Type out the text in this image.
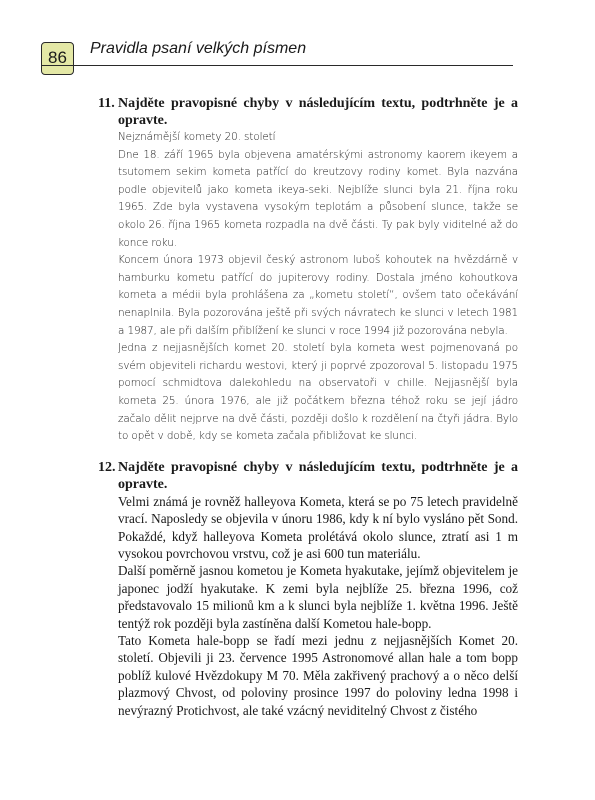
86	Pravidla psaní velkých písmen
11. Najděte pravopisné chyby v následujícím textu, podtrhněte je a opravte.

Nejznámější komety 20. století

Dne 18. září 1965 byla objevena amatérskými astronomy kaorem ikeyem a tsutomem sekim kometa patřící do kreutzovy rodiny komet. Byla nazvána podle objevitelů jako kometa ikeya-seki. Nejblíže slunci byla 21. října roku 1965. Zde byla vystavena vysokým teplotám a působení slunce, takže se okolo 26. října 1965 kometa rozpadla na dvě části. Ty pak byly viditelné až do konce roku.

Koncem února 1973 objevil český astronom luboš kohoutek na hvězdárně v hamburku kometu patřící do jupiterovy rodiny. Dostala jméno kohoutkova kometa a médii byla prohlášena za „kometu století“, ovšem tato očekávání nenaplnila. Byla pozorována ještě při svých návratech ke slunci v letech 1981 a 1987, ale při dalším přiblížení ke slunci v roce 1994 již pozorována nebyla.

Jedna z nejjasnějších komet 20. století byla kometa west pojmenovaná po svém objeviteli richardu westovi, který ji poprvé zpozoroval 5. listopadu 1975 pomocí schmidtova dalekohledu na observatoři v chille. Nejjasnější byla kometa 25. února 1976, ale již počátkem března téhož roku se její jádro začalo dělit nejprve na dvě části, později došlo k rozdělení na čtyři jádra. Bylo to opět v době, kdy se kometa začala přibližovat ke slunci.

12. Najděte pravopisné chyby v následujícím textu, podtrhněte je a opravte.

Velmi známá je rovněž halleyova Kometa, která se po 75 letech pravidelně vrací. Naposledy se objevila v únoru 1986, kdy k ní bylo vysláno pět Sond. Pokaždé, když halleyova Kometa prolétává okolo slunce, ztratí asi 1 m vysokou povrchovou vrstvu, což je asi 600 tun materiálu.

Další poměrně jasnou kometou je Kometa hyakutake, jejímž objevitelem je japonec jodží hyakutake. K zemi byla nejblíže 25. března 1996, což představovalo 15 milionů km a k slunci byla nejblíže 1. května 1996. Ještě tentýž rok později byla zastíněna další Kometou hale-bopp.

Tato Kometa hale-bopp se řadí mezi jednu z nejjasnějších Komet 20. století. Objevili ji 23. července 1995 Astronomové allan hale a tom bopp poblíž kulové Hvězdokupy M 70. Měla zakřivený prachový a o něco delší plazmový Chvost, od poloviny prosince 1997 do poloviny ledna 1998 i nevýrazný Protichvost, ale také vzácný neviditelný Chvost z čistého
